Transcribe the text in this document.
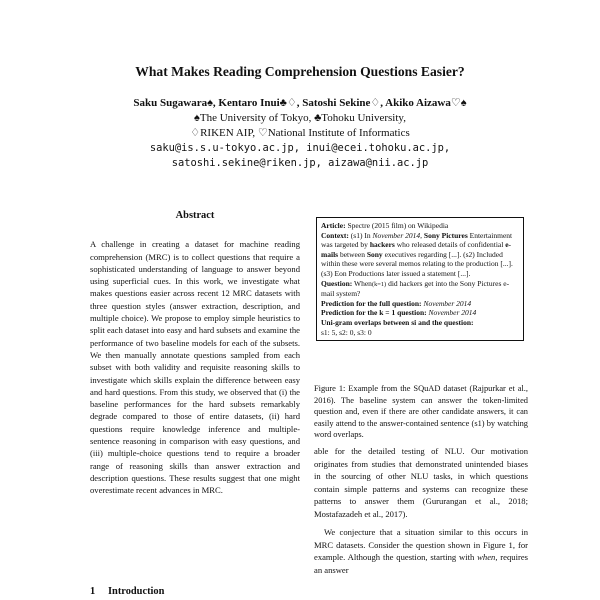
What Makes Reading Comprehension Questions Easier?
Saku Sugawara♠, Kentaro Inui♣♢, Satoshi Sekine♢, Akiko Aizawa♡♠
♠The University of Tokyo, ♣Tohoku University,
♢RIKEN AIP, ♡National Institute of Informatics
saku@is.s.u-tokyo.ac.jp, inui@ecei.tohoku.ac.jp,
satoshi.sekine@riken.jp, aizawa@nii.ac.jp
Abstract

A challenge in creating a dataset for machine reading comprehension (MRC) is to collect questions that require a sophisticated understanding of language to answer beyond using superficial cues. In this work, we investigate what makes questions easier across recent 12 MRC datasets with three question styles (answer extraction, description, and multiple choice). We propose to employ simple heuristics to split each dataset into easy and hard subsets and examine the performance of two baseline models for each of the subsets. We then manually annotate questions sampled from each subset with both validity and requisite reasoning skills to investigate which skills explain the difference between easy and hard questions. From this study, we observed that (i) the baseline performances for the hard subsets remarkably degrade compared to those of entire datasets, (ii) hard questions require knowledge inference and multiple-sentence reasoning in comparison with easy questions, and (iii) multiple-choice questions tend to require a broader range of reasoning skills than answer extraction and description questions. These results suggest that one might overestimate recent advances in MRC.

1 Introduction
Article: Spectre (2015 film) on Wikipedia
Context: (s1) In November 2014, Sony Pictures Entertainment was targeted by hackers who released details of confidential e-mails between Sony executives regarding [...]. (s2) Included within these were several memos relating to the production [...]. (s3) Eon Productions later issued a statement [...].
Question: When(k=1) did hackers get into the Sony Pictures e-mail system?
Prediction for the full question: November 2014
Prediction for the k = 1 question: November 2014
Uni-gram overlaps between si and the question:
s1: 5, s2: 0, s3: 0

Figure 1: Example from the SQuAD dataset (Rajpurkar et al., 2016). The baseline system can answer the token-limited question and, even if there are other candidate answers, it can easily attend to the answer-contained sentence (s1) by watching word overlaps.

able for the detailed testing of NLU. Our motivation originates from studies that demonstrated unintended biases in the sourcing of other NLU tasks, in which questions contain simple patterns and systems can recognize these patterns to answer them (Gururangan et al., 2018; Mostafazadeh et al., 2017).

We conjecture that a situation similar to this occurs in MRC datasets. Consider the question shown in Figure 1, for example. Although the question, starting with when, requires an answer
